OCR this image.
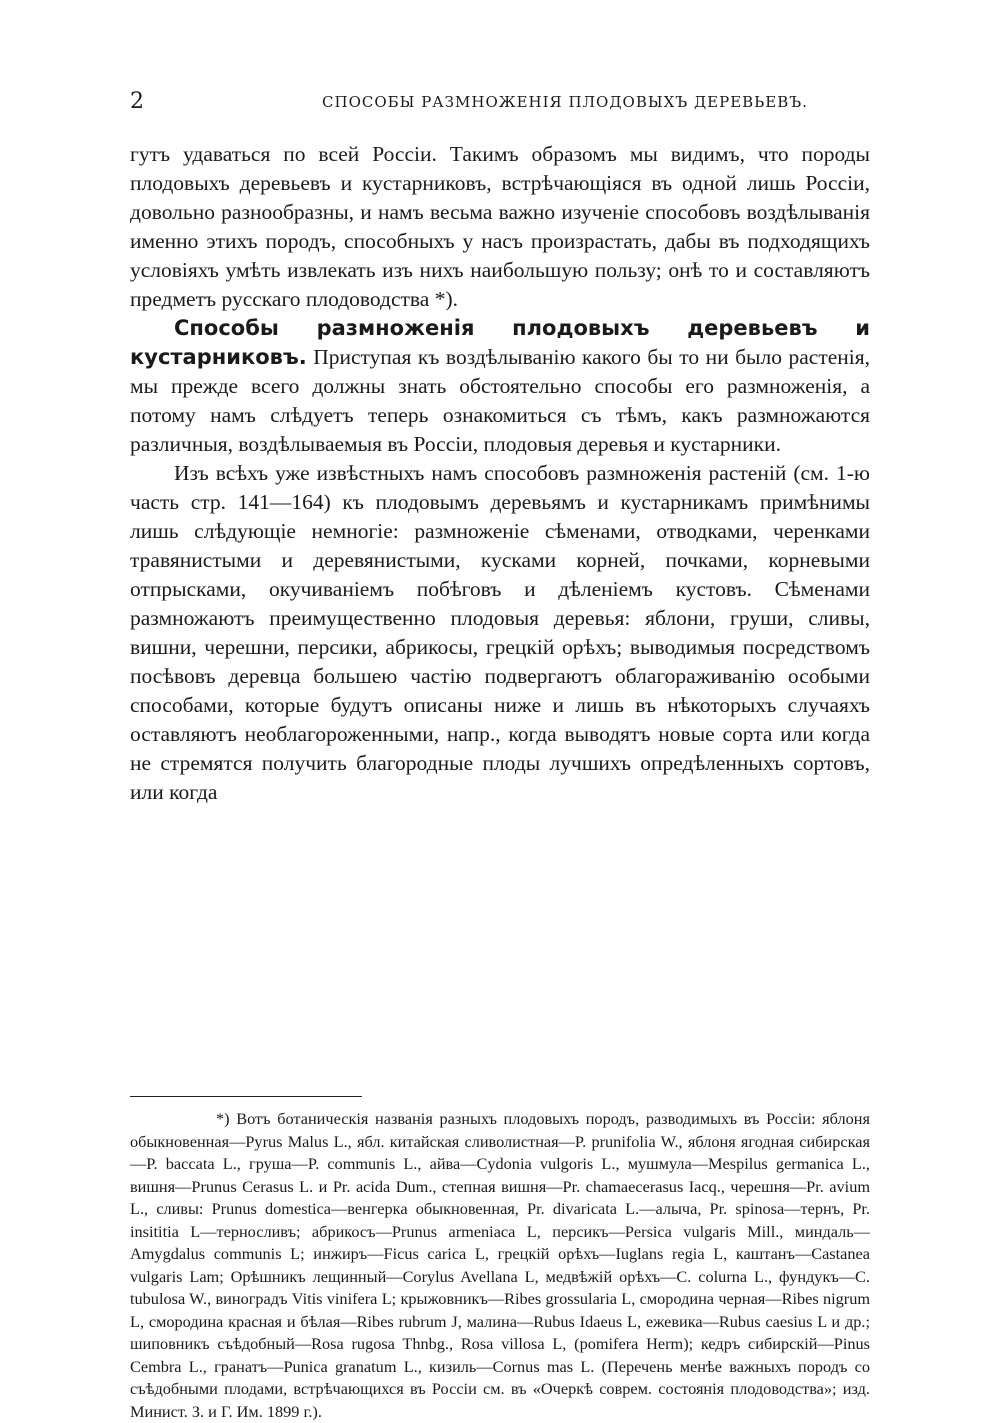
2	СПОСОБЫ РАЗМНОЖЕНІЯ ПЛОДОВЫХЪ ДЕРЕВЬЕВЪ.

гутъ удаваться по всей Россіи. Такимъ образомъ мы видимъ, что породы плодовыхъ деревьевъ и кустарниковъ, встрѣчающіяся въ одной лишь Россіи, довольно разнообразны, и намъ весьма важно изученіе способовъ воздѣлыванія именно этихъ породъ, способныхъ у насъ произрастать, дабы въ подходящихъ условіяхъ умѣть извлекать изъ нихъ наибольшую пользу; онѣ то и составляютъ предметъ русскаго плодоводства *).

Способы размноженія плодовыхъ деревьевъ и кустарниковъ. Приступая къ воздѣлыванію какого бы то ни было растенія, мы прежде всего должны знать обстоятельно способы его размноженія, а потому намъ слѣдуетъ теперь ознакомиться съ тѣмъ, какъ размножаются различныя, воздѣлываемыя въ Россіи, плодовыя деревья и кустарники.

Изъ всѣхъ уже извѣстныхъ намъ способовъ размноженія растеній (см. 1-ю часть стр. 141—164) къ плодовымъ деревьямъ и кустарникамъ примѣнимы лишь слѣдующіе немногіе: размноженіе сѣменами, отводками, черенками травянистыми и деревянистыми, кусками корней, почками, корневыми отпрысками, окучиваніемъ побѣговъ и дѣленіемъ кустовъ. Сѣменами размножаютъ преимущественно плодовыя деревья: яблони, груши, сливы, вишни, черешни, персики, абрикосы, грецкій орѣхъ; выводимыя посредствомъ посѣвовъ деревца большею частію подвергаютъ облагораживанію особыми способами, которые будутъ описаны ниже и лишь въ нѣкоторыхъ случаяхъ оставляютъ необлагороженными, напр., когда выводятъ новые сорта или когда не стремятся получить благородные плоды лучшихъ опредѣленныхъ сортовъ, или когда

*) Вотъ ботаническія названія разныхъ плодовыхъ породъ, разводимыхъ въ Россіи: яблоня обыкновенная—Pyrus Malus L., ябл. китайская сливолистная—P. prunifolia W., яблоня ягодная сибирская—P. baccata L., груша—P. communis L., айва—Cydonia vulgoris L., мушмула—Mespilus germanica L., вишня—Prunus Cerasus L. и Pr. acida Dum., степная вишня—Pr. chamaecerasus Iacq., черешня—Pr. avium L., сливы: Prunus domestica—венгерка обыкновенная, Pr. divaricata L.—алыча, Pr. spinosa—тернъ, Pr. insititia L—терносливъ; абрикосъ—Prunus armeniaca L, персикъ—Persica vulgaris Mill., миндаль—Amygdalus communis L; инжиръ—Ficus carica L, грецкій орѣхъ—Iuglans regia L, каштанъ—Castanea vulgaris Lam; Орѣшникъ лещинный—Corylus Avellana L, медвѣжій орѣхъ—C. colurna L., фундукъ—C. tubulosa W., виноградъ Vitis vinifera L; крыжовникъ—Ribes grossularia L, смородина черная—Ribes nigrum L, смородина красная и бѣлая—Ribes rubrum J, малина—Rubus Idaeus L, ежевика—Rubus caesius L и др.; шиповникъ съѣдобный—Rosa rugosa Thnbg., Rosa villosa L, (pomifera Herm); кедръ сибирскій—Pinus Cembra L., гранатъ—Punica granatum L., кизиль—Cornus mas L. (Перечень менѣе важныхъ породъ со съѣдобными плодами, встрѣчающихся въ Россіи см. въ «Очеркѣ соврем. состоянія плодоводства»; изд. Минист. З. и Г. Им. 1899 г.).
